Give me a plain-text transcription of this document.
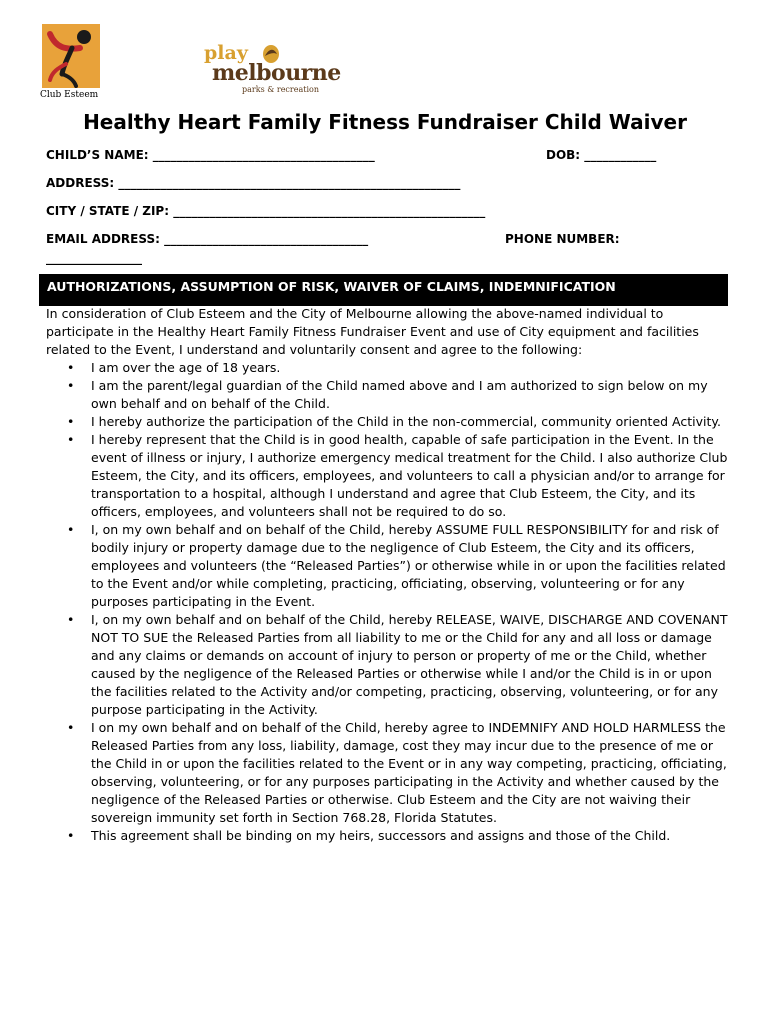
Club Esteem
play
melbourne
parks & recreation
Healthy Heart Family Fitness Fundraiser Child Waiver
CHILD’S NAME: _____________________________________	DOB: ____________
ADDRESS: _________________________________________________________
CITY / STATE / ZIP: ____________________________________________________
EMAIL ADDRESS: __________________________________	PHONE NUMBER:
________________
AUTHORIZATIONS, ASSUMPTION OF RISK, WAIVER OF CLAIMS, INDEMNIFICATION

In consideration of Club Esteem and the City of Melbourne allowing the above-named individual to participate in the Healthy Heart Family Fitness Fundraiser Event and use of City equipment and facilities related to the Event, I understand and voluntarily consent and agree to the following:

• I am over the age of 18 years.
• I am the parent/legal guardian of the Child named above and I am authorized to sign below on my own behalf and on behalf of the Child.
• I hereby authorize the participation of the Child in the non-commercial, community oriented Activity.
• I hereby represent that the Child is in good health, capable of safe participation in the Event. In the event of illness or injury, I authorize emergency medical treatment for the Child. I also authorize Club Esteem, the City, and its officers, employees, and volunteers to call a physician and/or to arrange for transportation to a hospital, although I understand and agree that Club Esteem, the City, and its officers, employees, and volunteers shall not be required to do so.
• I, on my own behalf and on behalf of the Child, hereby ASSUME FULL RESPONSIBILITY for and risk of bodily injury or property damage due to the negligence of Club Esteem, the City and its officers, employees and volunteers (the “Released Parties”) or otherwise while in or upon the facilities related to the Event and/or while completing, practicing, officiating, observing, volunteering or for any purposes participating in the Event.
• I, on my own behalf and on behalf of the Child, hereby RELEASE, WAIVE, DISCHARGE AND COVENANT NOT TO SUE the Released Parties from all liability to me or the Child for any and all loss or damage and any claims or demands on account of injury to person or property of me or the Child, whether caused by the negligence of the Released Parties or otherwise while I and/or the Child is in or upon the facilities related to the Activity and/or competing, practicing, observing, volunteering, or for any purpose participating in the Activity.
• I on my own behalf and on behalf of the Child, hereby agree to INDEMNIFY AND HOLD HARMLESS the Released Parties from any loss, liability, damage, cost they may incur due to the presence of me or the Child in or upon the facilities related to the Event or in any way competing, practicing, officiating, observing, volunteering, or for any purposes participating in the Activity and whether caused by the negligence of the Released Parties or otherwise. Club Esteem and the City are not waiving their sovereign immunity set forth in Section 768.28, Florida Statutes.
• This agreement shall be binding on my heirs, successors and assigns and those of the Child.
